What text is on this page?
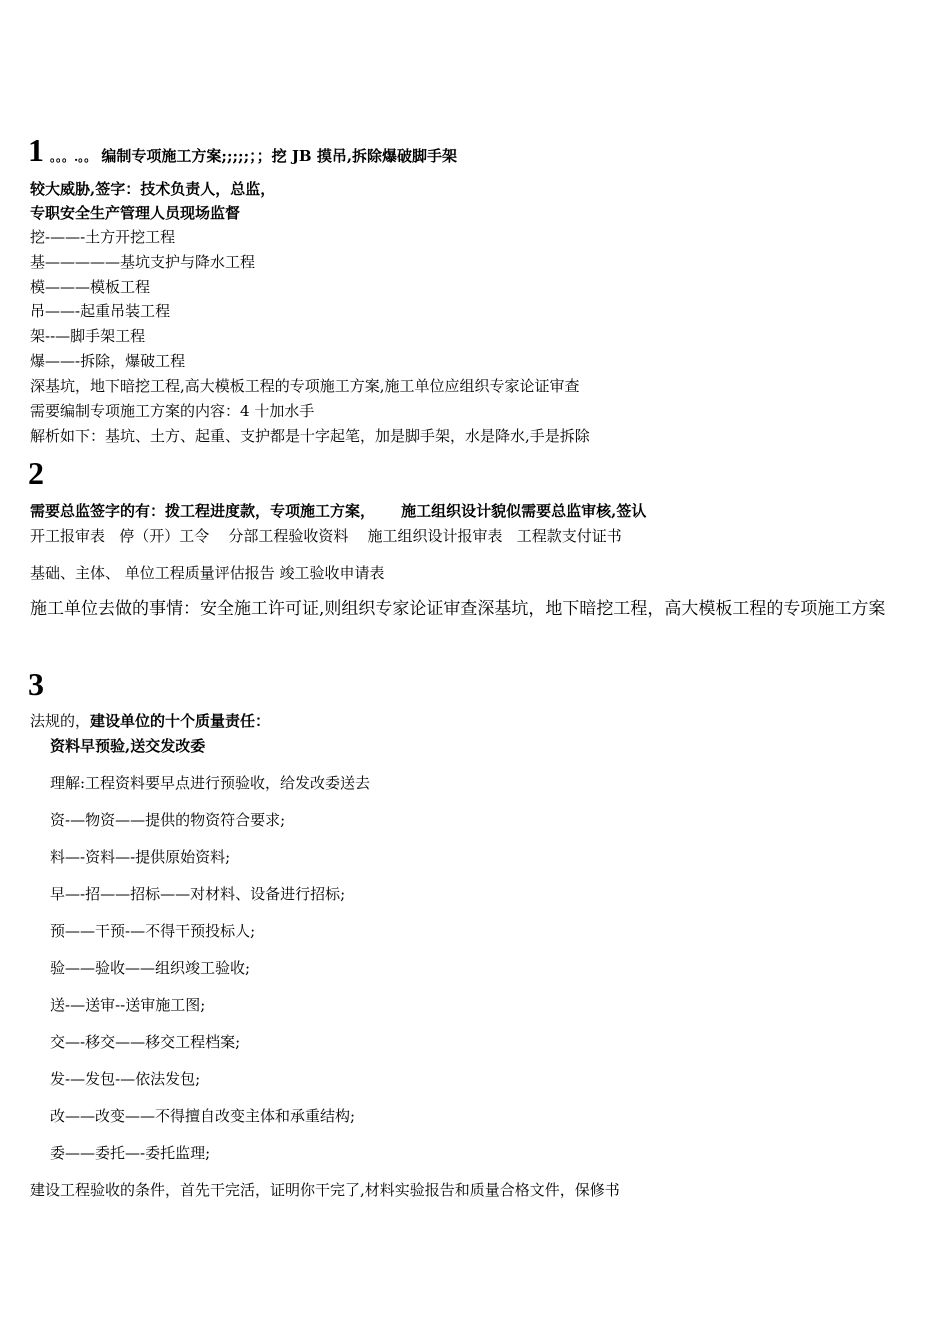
1 。。。.。。 编制专项施工方案;;;;;；；挖 JB 摸吊,拆除爆破脚手架
较大威胁,签字：技术负责人，总监，
专职安全生产管理人员现场监督
挖-——-土方开挖工程
基—————基坑支护与降水工程
模———模板工程
吊——-起重吊装工程
架--—脚手架工程
爆——-拆除，爆破工程
深基坑，地下暗挖工程,高大模板工程的专项施工方案,施工单位应组织专家论证审查
需要编制专项施工方案的内容：4 十加水手
解析如下：基坑、土方、起重、支护都是十字起笔，加是脚手架，水是降水,手是拆除
2
需要总监签字的有：拨工程进度款，专项施工方案，     施工组织设计貌似需要总监审核,签认
开工报审表   停（开）工令    分部工程验收资料    施工组织设计报审表   工程款支付证书
基础、主体、 单位工程质量评估报告 竣工验收申请表
施工单位去做的事情：安全施工许可证,则组织专家论证审查深基坑，地下暗挖工程，高大模板工程的专项施工方案
3
法规的，建设单位的十个质量责任：
资料早预验,送交发改委
理解:工程资料要早点进行预验收，给发改委送去
资-—物资——提供的物资符合要求;
料—-资料—-提供原始资料;
早—-招——招标——对材料、设备进行招标;
预——干预-—不得干预投标人;
验——验收——组织竣工验收;
送-—送审--送审施工图;
交—-移交——移交工程档案;
发-—发包-—依法发包;
改——改变——不得擅自改变主体和承重结构;
委——委托—-委托监理;
建设工程验收的条件，首先干完活，证明你干完了,材料实验报告和质量合格文件，保修书
